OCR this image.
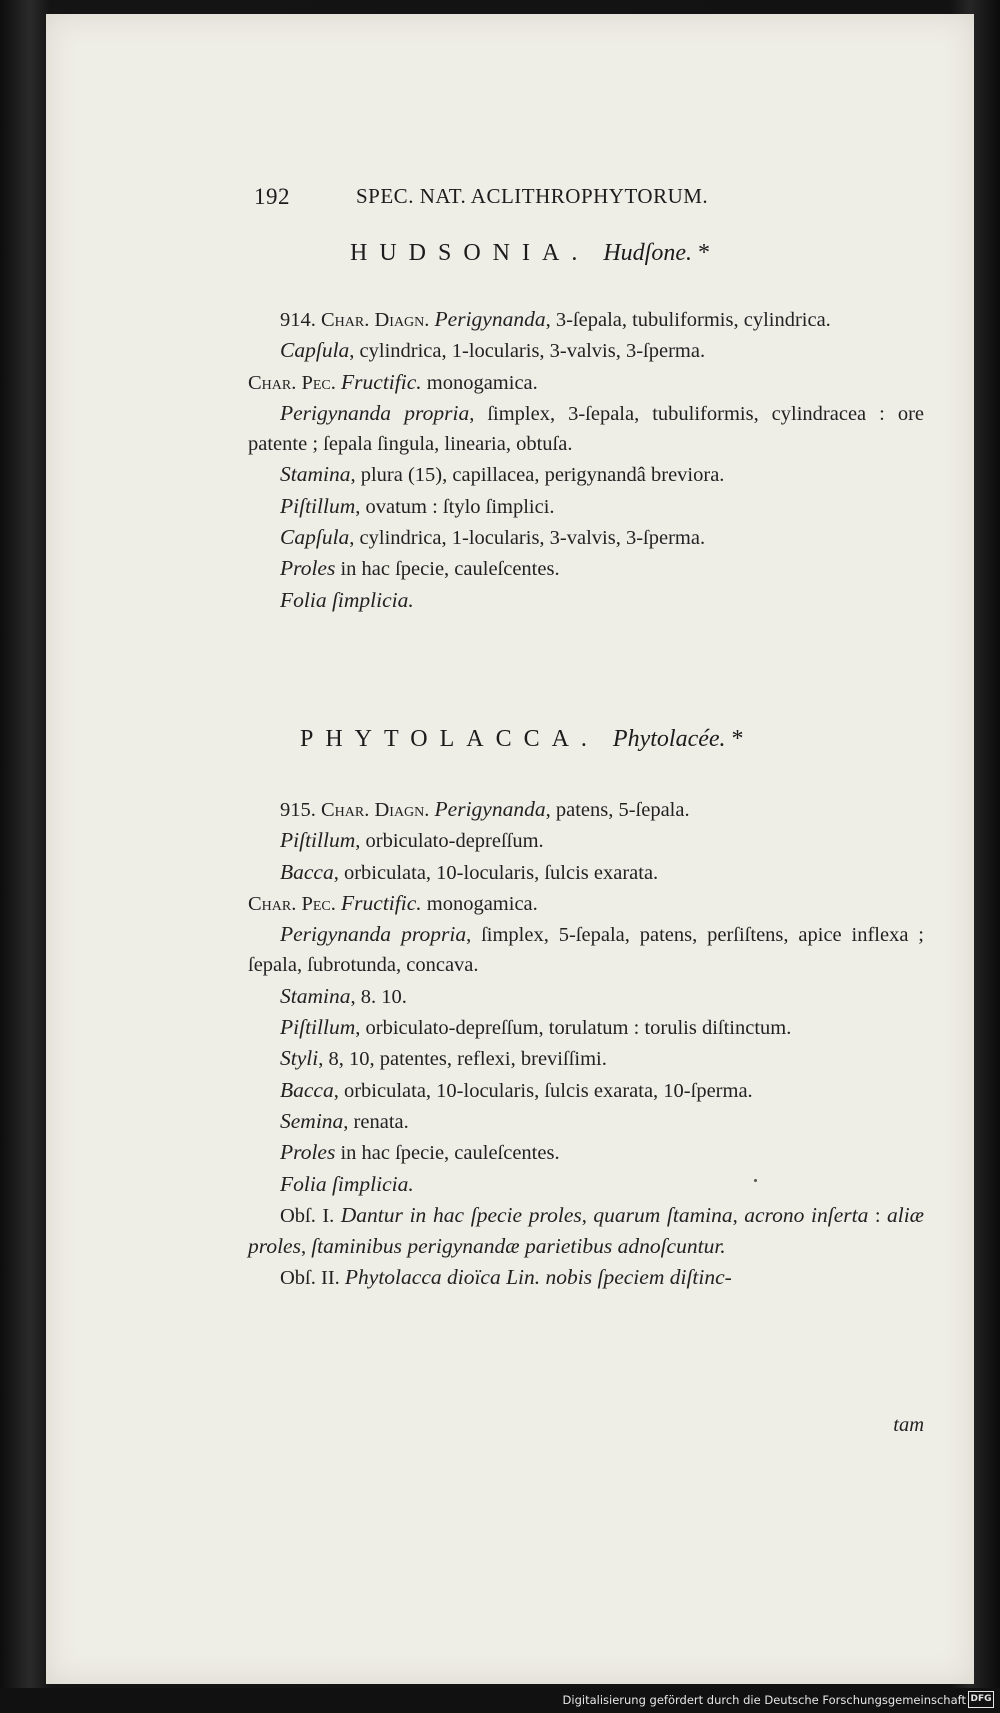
192	SPEC. NAT. ACLITHROPHYTORUM.
HUDSONIA. Hudſone. *

914. Char. Diagn. Perigynanda, 3-ſepala, tubuliformis, cylindrica.

Capſula, cylindrica, 1-locularis, 3-valvis, 3-ſperma.

Char. Pec. Fructific. monogamica.

Perigynanda propria, ſimplex, 3-ſepala, tubuliformis, cylindracea : ore patente ; ſepala ſingula, linearia, obtuſa.

Stamina, plura (15), capillacea, perigynandâ breviora.

Piſtillum, ovatum : ſtylo ſimplici.

Capſula, cylindrica, 1-locularis, 3-valvis, 3-ſperma.

Proles in hac ſpecie, cauleſcentes.

Folia ſimplicia.

PHYTOLACCA. Phytolacée. *

915. Char. Diagn. Perigynanda, patens, 5-ſepala.

Piſtillum, orbiculato-depreſſum.

Bacca, orbiculata, 10-locularis, ſulcis exarata.

Char. Pec. Fructific. monogamica.

Perigynanda propria, ſimplex, 5-ſepala, patens, perſiſtens, apice inflexa ; ſepala, ſubrotunda, concava.

Stamina, 8. 10.

Piſtillum, orbiculato-depreſſum, torulatum : torulis diſtinctum.

Styli, 8, 10, patentes, reflexi, breviſſimi.

Bacca, orbiculata, 10-locularis, ſulcis exarata, 10-ſperma.

Semina, renata.

Proles in hac ſpecie, cauleſcentes.

Folia ſimplicia.

Obſ. I. Dantur in hac ſpecie proles, quarum ſtamina, acrono inſerta : aliæ proles, ſtaminibus perigynandæ parietibus adnoſcuntur.

Obſ. II. Phytolacca dioïca Lin. nobis ſpeciem diſtinc-

tam
Digitalisierung gefördert durch die Deutsche Forschungsgemeinschaft DFG
